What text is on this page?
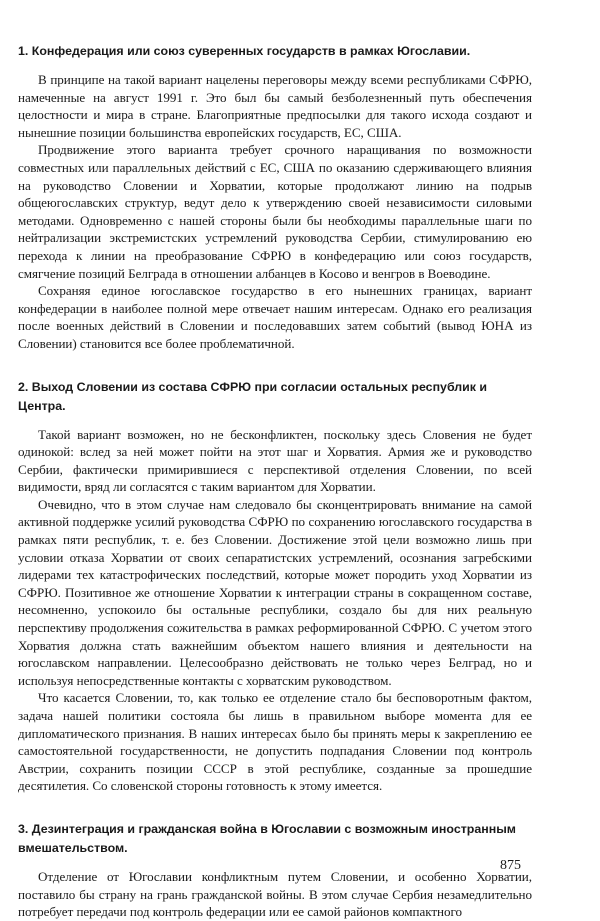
1. Конфедерация или союз суверенных государств в рамках Югославии.

В принципе на такой вариант нацелены переговоры между всеми республиками СФРЮ, намеченные на август 1991 г. Это был бы самый безболезненный путь обеспечения целостности и мира в стране. Благоприятные предпосылки для такого исхода создают и нынешние позиции большинства европейских государств, ЕС, США.

Продвижение этого варианта требует срочного наращивания по возможности совместных или параллельных действий с ЕС, США по оказанию сдерживающего влияния на руководство Словении и Хорватии, которые продолжают линию на подрыв общеюгославских структур, ведут дело к утверждению своей независимости силовыми методами. Одновременно с нашей стороны были бы необходимы параллельные шаги по нейтрализации экстремистских устремлений руководства Сербии, стимулированию ею перехода к линии на преобразование СФРЮ в конфедерацию или союз государств, смягчение позиций Белграда в отношении албанцев в Косово и венгров в Воеводине.

Сохраняя единое югославское государство в его нынешних границах, вариант конфедерации в наиболее полной мере отвечает нашим интересам. Однако его реализация после военных действий в Словении и последовавших затем событий (вывод ЮНА из Словении) становится все более проблематичной.

2. Выход Словении из состава СФРЮ при согласии остальных республик и Центра.

Такой вариант возможен, но не бесконфликтен, поскольку здесь Словения не будет одинокой: вслед за ней может пойти на этот шаг и Хорватия. Армия же и руководство Сербии, фактически примирившиеся с перспективой отделения Словении, по всей видимости, вряд ли согласятся с таким вариантом для Хорватии.

Очевидно, что в этом случае нам следовало бы сконцентрировать внимание на самой активной поддержке усилий руководства СФРЮ по сохранению югославского государства в рамках пяти республик, т. е. без Словении. Достижение этой цели возможно лишь при условии отказа Хорватии от своих сепаратистских устремлений, осознания загребскими лидерами тех катастрофических последствий, которые может породить уход Хорватии из СФРЮ. Позитивное же отношение Хорватии к интеграции страны в сокращенном составе, несомненно, успокоило бы остальные республики, создало бы для них реальную перспективу продолжения сожительства в рамках реформированной СФРЮ. С учетом этого Хорватия должна стать важнейшим объектом нашего влияния и деятельности на югославском направлении. Целесообразно действовать не только через Белград, но и используя непосредственные контакты с хорватским руководством.

Что касается Словении, то, как только ее отделение стало бы бесповоротным фактом, задача нашей политики состояла бы лишь в правильном выборе момента для ее дипломатического признания. В наших интересах было бы принять меры к закреплению ее самостоятельной государственности, не допустить подпадания Словении под контроль Австрии, сохранить позиции СССР в этой республике, созданные за прошедшие десятилетия. Со словенской стороны готовность к этому имеется.

3. Дезинтеграция и гражданская война в Югославии с возможным иностранным вмешательством.

Отделение от Югославии конфликтным путем Словении, и особенно Хорватии, поставило бы страну на грань гражданской войны. В этом случае Сербия незамедлительно потребует передачи под контроль федерации или ее самой районов компактного

875
